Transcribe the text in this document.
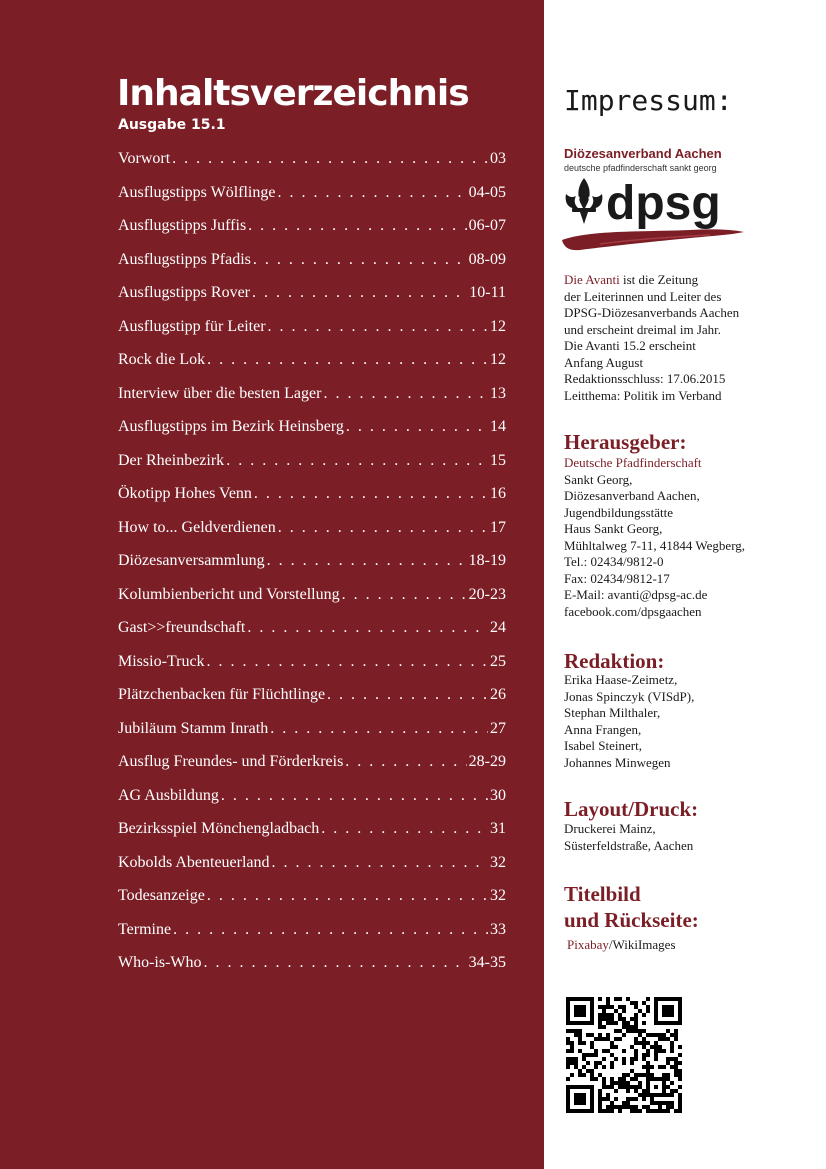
Inhaltsverzeichnis
Ausgabe 15.1
Vorwort . . .	03
Ausflugstipps Wölflinge . . .	04-05
Ausflugstipps Juffis . . .	06-07
Ausflugstipps Pfadis . . .	08-09
Ausflugstipps Rover . . .	10-11
Ausflugstipp für Leiter . . .	12
Rock die Lok . . .	12
Interview über die besten Lager . . .	13
Ausflugstipps im Bezirk Heinsberg . . .	14
Der Rheinbezirk . . .	15
Ökotipp Hohes Venn . . .	16
How to... Geldverdienen . . .	17
Diözesanversammlung . . .	18-19
Kolumbienbericht und Vorstellung . . .	20-23
Gast>>freundschaft . . .	24
Missio-Truck . . .	25
Plätzchenbacken für Flüchtlinge . . .	26
Jubiläum Stamm Inrath . . .	27
Ausflug Freundes- und Förderkreis . . .	28-29
AG Ausbildung . . .	30
Bezirksspiel Mönchengladbach . . .	31
Kobolds Abenteuerland . . .	32
Todesanzeige . . .	32
Termine . . .	33
Who-is-Who . . .	34-35
Impressum:
Diözesanverband Aachen
deutsche pfadfinderschaft sankt georg
dpsg
Die Avanti ist die Zeitung
der Leiterinnen und Leiter des
DPSG-Diözesanverbands Aachen
und erscheint dreimal im Jahr.
Die Avanti 15.2 erscheint
Anfang August
Redaktionsschluss: 17.06.2015
Leitthema: Politik im Verband
Herausgeber:
Deutsche Pfadfinderschaft
Sankt Georg,
Diözesanverband Aachen,
Jugendbildungsstätte
Haus Sankt Georg,
Mühltalweg 7-11, 41844 Wegberg,
Tel.: 02434/9812-0
Fax: 02434/9812-17
E-Mail: avanti@dpsg-ac.de
facebook.com/dpsgaachen
Redaktion:
Erika Haase-Zeimetz,
Jonas Spinczyk (VISdP),
Stephan Milthaler,
Anna Frangen,
Isabel Steinert,
Johannes Minwegen
Layout/Druck:
Druckerei Mainz,
Süsterfeldstraße, Aachen
Titelbild
und Rückseite:
Pixabay/WikiImages
